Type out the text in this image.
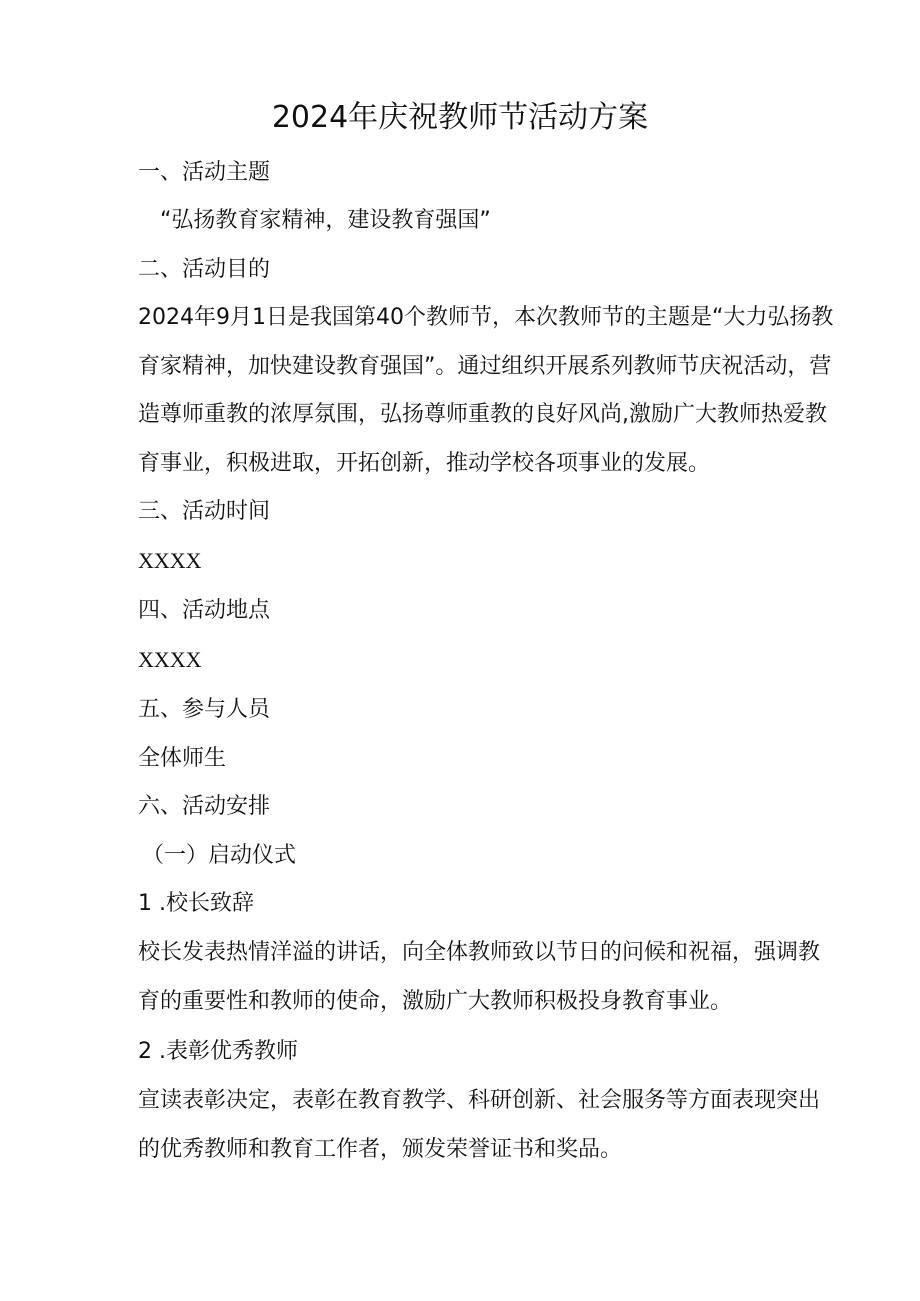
2024年庆祝教师节活动方案

一、活动主题

“弘扬教育家精神，建设教育强国”

二、活动目的

2024年9月1日是我国第40个教师节，本次教师节的主题是“大力弘扬教育家精神，加快建设教育强国”。通过组织开展系列教师节庆祝活动，营造尊师重教的浓厚氛围，弘扬尊师重教的良好风尚,激励广大教师热爱教育事业，积极进取，开拓创新，推动学校各项事业的发展。

三、活动时间

XXXX

四、活动地点

XXXX

五、参与人员

全体师生

六、活动安排

（一）启动仪式

1 .校长致辞

校长发表热情洋溢的讲话，向全体教师致以节日的问候和祝福，强调教育的重要性和教师的使命，激励广大教师积极投身教育事业。

2 .表彰优秀教师

宣读表彰决定，表彰在教育教学、科研创新、社会服务等方面表现突出的优秀教师和教育工作者，颁发荣誉证书和奖品。
